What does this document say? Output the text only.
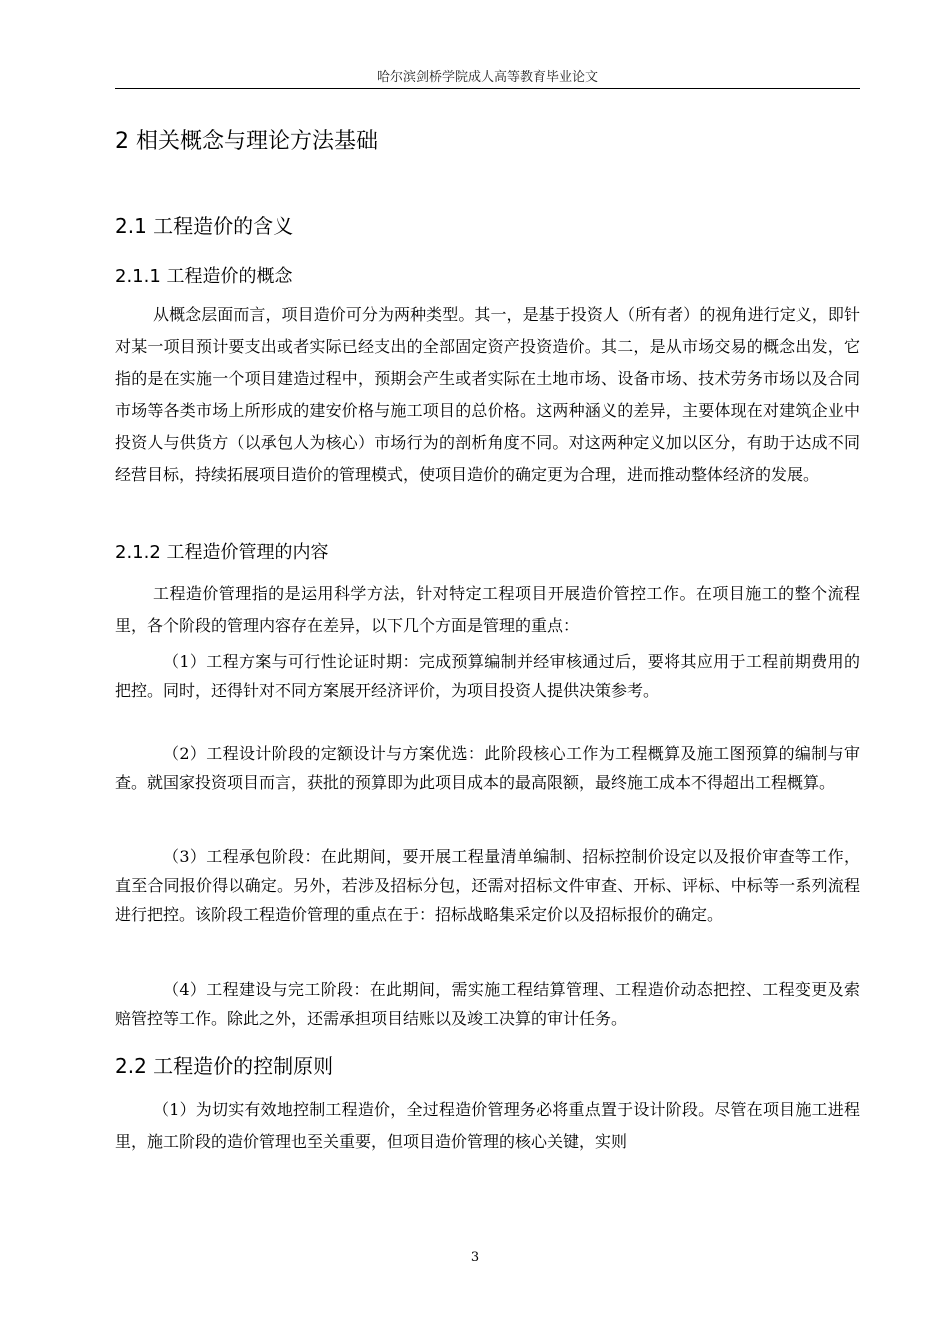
哈尔滨剑桥学院成人高等教育毕业论文
2 相关概念与理论方法基础
2.1 工程造价的含义
2.1.1 工程造价的概念

从概念层面而言，项目造价可分为两种类型。其一，是基于投资人（所有者）的视角进行定义，即针对某一项目预计要支出或者实际已经支出的全部固定资产投资造价。其二，是从市场交易的概念出发，它指的是在实施一个项目建造过程中，预期会产生或者实际在土地市场、设备市场、技术劳务市场以及合同市场等各类市场上所形成的建安价格与施工项目的总价格。这两种涵义的差异，主要体现在对建筑企业中投资人与供货方（以承包人为核心）市场行为的剖析角度不同。对这两种定义加以区分，有助于达成不同经营目标，持续拓展项目造价的管理模式，使项目造价的确定更为合理，进而推动整体经济的发展。

2.1.2 工程造价管理的内容

工程造价管理指的是运用科学方法，针对特定工程项目开展造价管控工作。在项目施工的整个流程里，各个阶段的管理内容存在差异，以下几个方面是管理的重点：

（1）工程方案与可行性论证时期：完成预算编制并经审核通过后，要将其应用于工程前期费用的把控。同时，还得针对不同方案展开经济评价，为项目投资人提供决策参考。

（2）工程设计阶段的定额设计与方案优选：此阶段核心工作为工程概算及施工图预算的编制与审查。就国家投资项目而言，获批的预算即为此项目成本的最高限额，最终施工成本不得超出工程概算。

（3）工程承包阶段：在此期间，要开展工程量清单编制、招标控制价设定以及报价审查等工作，直至合同报价得以确定。另外，若涉及招标分包，还需对招标文件审查、开标、评标、中标等一系列流程进行把控。该阶段工程造价管理的重点在于：招标战略集采定价以及招标报价的确定。

（4）工程建设与完工阶段：在此期间，需实施工程结算管理、工程造价动态把控、工程变更及索赔管控等工作。除此之外，还需承担项目结账以及竣工决算的审计任务。

2.2 工程造价的控制原则

（1）为切实有效地控制工程造价，全过程造价管理务必将重点置于设计阶段。尽管在项目施工进程里，施工阶段的造价管理也至关重要，但项目造价管理的核心关键，实则

3
